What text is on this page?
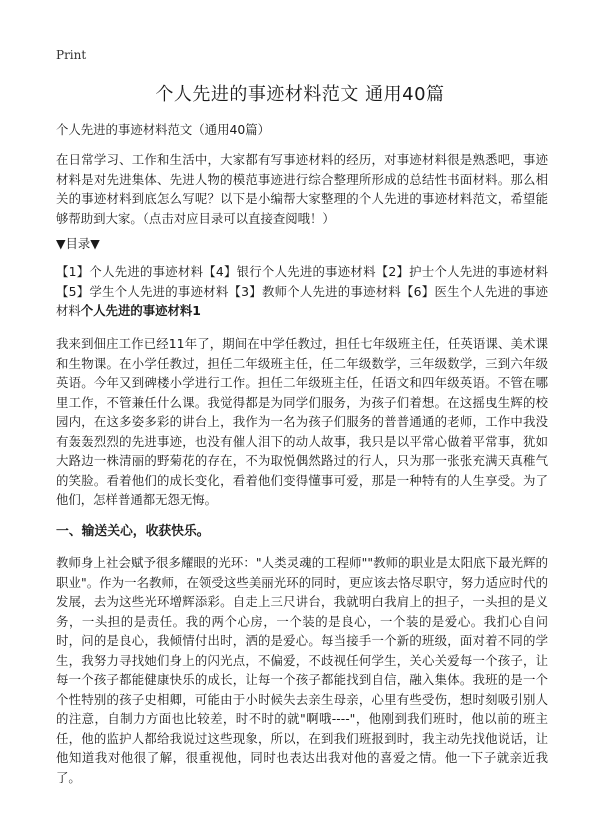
Print
个人先进的事迹材料范文 通用40篇

个人先进的事迹材料范文（通用40篇）

在日常学习、工作和生活中，大家都有写事迹材料的经历，对事迹材料很是熟悉吧，事迹材料是对先进集体、先进人物的模范事迹进行综合整理所形成的总结性书面材料。那么相关的事迹材料到底怎么写呢？以下是小编帮大家整理的个人先进的事迹材料范文，希望能够帮助到大家。（点击对应目录可以直接查阅哦！）

▼目录▼

【1】个人先进的事迹材料【4】银行个人先进的事迹材料【2】护士个人先进的事迹材料【5】学生个人先进的事迹材料【3】教师个人先进的事迹材料【6】医生个人先进的事迹材料个人先进的事迹材料1

我来到佃庄工作已经11年了，期间在中学任教过，担任七年级班主任，任英语课、美术课和生物课。在小学任教过，担任二年级班主任，任二年级数学，三年级数学，三到六年级英语。今年又到碑楼小学进行工作。担任二年级班主任，任语文和四年级英语。不管在哪里工作，不管兼任什么课。我觉得都是为同学们服务，为孩子们着想。在这摇曳生辉的校园内，在这多姿多彩的讲台上，我作为一名为孩子们服务的普普通通的老师，工作中我没有轰轰烈烈的先进事迹，也没有催人泪下的动人故事，我只是以平常心做着平常事，犹如大路边一株清丽的野菊花的存在，不为取悦偶然路过的行人，只为那一张张充满天真稚气的笑脸。看着他们的成长变化，看着他们变得懂事可爱，那是一种特有的人生享受。为了他们，怎样普通都无怨无悔。

一、输送关心，收获快乐。

教师身上社会赋予很多耀眼的光环："人类灵魂的工程师""教师的职业是太阳底下最光辉的职业"。作为一名教师，在领受这些美丽光环的同时，更应该去恪尽职守，努力适应时代的发展，去为这些光环增辉添彩。自走上三尺讲台，我就明白我肩上的担子，一头担的是义务，一头担的是责任。我的两个心房，一个装的是良心，一个装的是爱心。我扪心自问时，问的是良心，我倾情付出时，洒的是爱心。每当接手一个新的班级，面对着不同的学生，我努力寻找她们身上的闪光点，不偏爱，不歧视任何学生，关心关爱每一个孩子，让每一个孩子都能健康快乐的成长，让每一个孩子都能找到自信，融入集体。我班的是一个个性特别的孩子史相卿，可能由于小时候失去亲生母亲，心里有些受伤，想时刻吸引别人的注意，自制力方面也比较差，时不时的就"啊哦----"，他刚到我们班时，他以前的班主任，他的监护人都给我说过这些现象，所以，在到我们班报到时，我主动先找他说话，让他知道我对他很了解，很重视他，同时也表达出我对他的喜爱之情。他一下子就亲近我了。
